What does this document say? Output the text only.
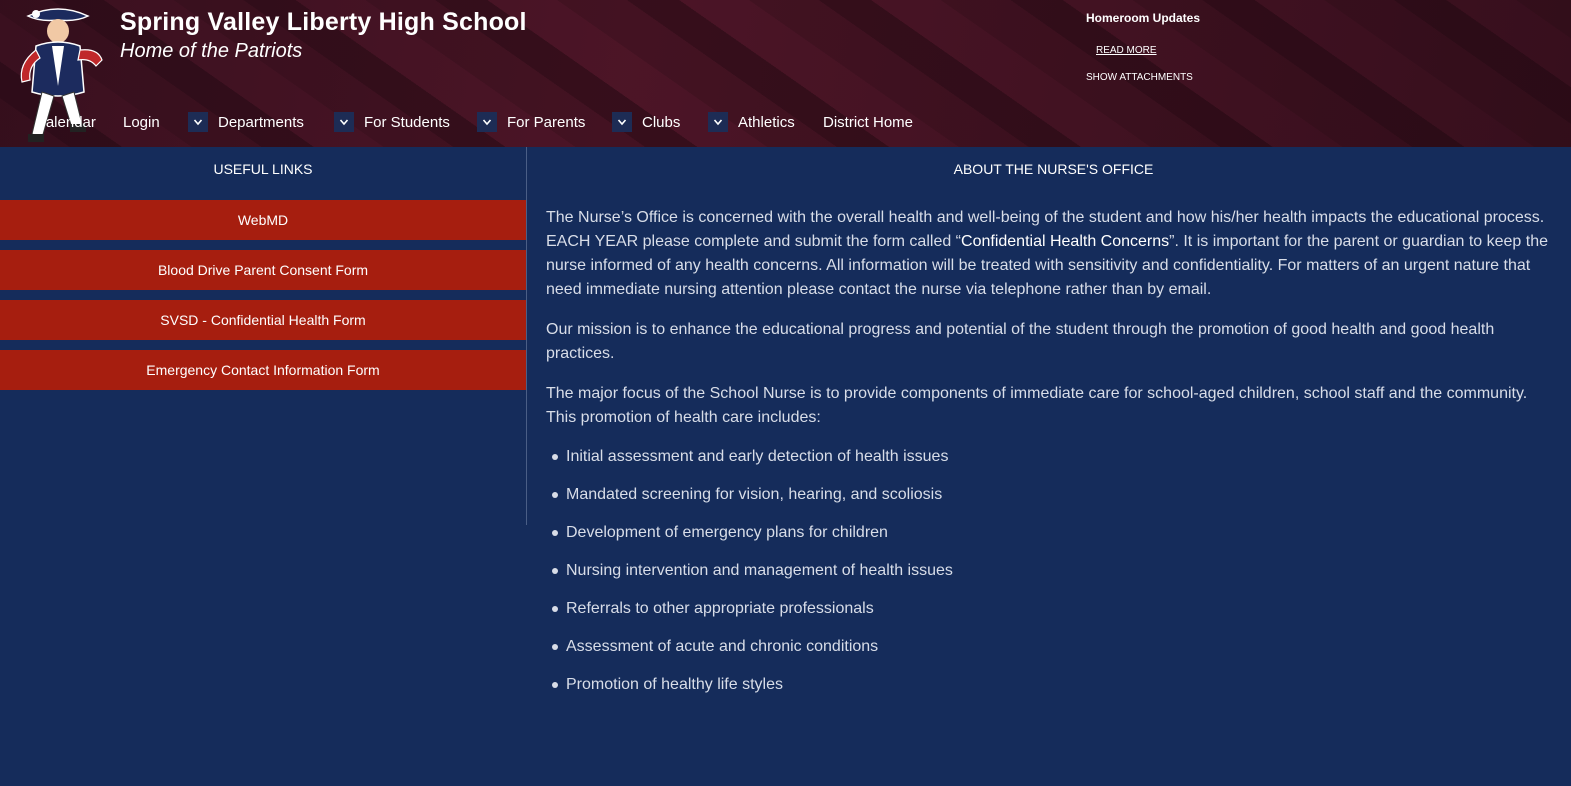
Spring Valley Liberty High School
Home of the Patriots
Homeroom Updates
READ MORE
SHOW ATTACHMENTS
Calendar Login	Departments	For Students	For Parents	Clubs	Athletics District Home
USEFUL LINKS
WebMD
Blood Drive Parent Consent Form
SVSD - Confidential Health Form
Emergency Contact Information Form
ABOUT THE NURSE'S OFFICE

The Nurse’s Office is concerned with the overall health and well-being of the student and how his/her health impacts the educational process. EACH YEAR please complete and submit the form called “Confidential Health Concerns”. It is important for the parent or guardian to keep the nurse informed of any health concerns. All information will be treated with sensitivity and confidentiality. For matters of an urgent nature that need immediate nursing attention please contact the nurse via telephone rather than by email.

Our mission is to enhance the educational progress and potential of the student through the promotion of good health and good health practices.

The major focus of the School Nurse is to provide components of immediate care for school-aged children, school staff and the community. This promotion of health care includes:

Initial assessment and early detection of health issues
Mandated screening for vision, hearing, and scoliosis
Development of emergency plans for children
Nursing intervention and management of health issues
Referrals to other appropriate professionals
Assessment of acute and chronic conditions
Promotion of healthy life styles
